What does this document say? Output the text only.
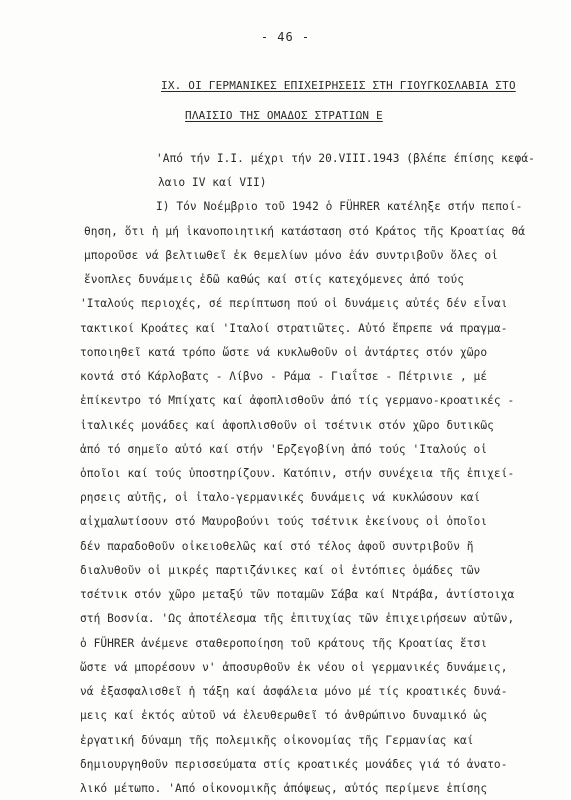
- 46 -
IX. ΟΙ ΓΕΡΜΑΝΙΚΕΣ ΕΠΙΧΕΙΡΗΣΕΙΣ ΣΤΗ ΓΙΟΥΓΚΟΣΛΑΒΙΑ ΣΤΟ
ΠΛΑΙΣΙΟ ΤΗΣ ΟΜΑΔΟΣ ΣΤΡΑΤΙΩΝ Ε
'Από τήν Ι.Ι. μέχρι τήν 20.VIII.1943 (βλέπε έπίσης κεφά-
λαιο IV καί VII)
Ι) Τόν Νοέμβριο τοῦ 1942 ὁ FÜHRER κατέληξε στήν πεποί-
θηση, ὅτι ἡ μή ἱκανοποιητική κατάσταση στό Κράτος τῆς Κροατίας θά
μποροῦσε νά βελτιωθεῖ ἐκ θεμελίων μόνο ἐάν συντριβοῦν ὅλες οἱ
ἔνοπλες δυνάμεις ἐδῶ καθώς καί στίς κατεχόμενες ἀπό τούς
'Ιταλούς περιοχές, σέ περίπτωση πού οἱ δυνάμεις αὐτές δέν εἶναι
τακτικοί Κροάτες καί 'Ιταλοί στρατιῶτες. Αὐτό ἔπρεπε νά πραγμα-
τοποιηθεῖ κατά τρόπο ὥστε νά κυκλωθοῦν οἱ ἀντάρτες στόν χῶρο
κοντά στό Κάρλοβατς - Λίβνο - Ράμα - Γιαΐτσε - Πέτρινιε , μέ
ἐπίκεντρο τό Μπίχατς καί ἀφοπλισθοῦν ἀπό τίς γερμανο-κροατικές -
ἰταλικές μονάδες καί ἀφοπλισθοῦν οἱ τσέτνικ στόν χῶρο δυτικῶς
ἀπό τό σημεῖο αὐτό καί στήν 'Ερζεγοβίνη ἀπό τούς 'Ιταλούς οἱ
ὁποῖοι καί τούς ὑποστηρίζουν. Κατόπιν, στήν συνέχεια τῆς ἐπιχεί-
ρησεις αὐτῆς, οἱ ἰταλο-γερμανικές δυνάμεις νά κυκλώσουν καί
αἰχμαλωτίσουν στό Μαυροβούνι τούς τσέτνικ ἐκείνους οἱ ὁποῖοι
δέν παραδοθοῦν οἰκειοθελῶς καί στό τέλος ἀφοῦ συντριβοῦν ἤ
διαλυθοῦν οἱ μικρές παρτιζάνικες καί οἱ ἐντόπιες ὁμάδες τῶν
τσέτνικ στόν χῶρο μεταξύ τῶν ποταμῶν Σάβα καί Ντράβα, ἀντίστοιχα
στή Βοσνία. 'Ως ἀποτέλεσμα τῆς ἐπιτυχίας τῶν ἐπιχειρήσεων αὐτῶν,
ὁ FÜHRER ἀνέμενε σταθεροποίηση τοῦ κράτους τῆς Κροατίας ἔτσι
ὥστε νά μπορέσουν ν' ἀποσυρθοῦν ἐκ νέου οἱ γερμανικές δυνάμεις,
νά ἐξασφαλισθεῖ ἡ τάξη καί ἀσφάλεια μόνο μέ τίς κροατικές δυνά-
μεις καί ἐκτός αὐτοῦ νά ἐλευθερωθεῖ τό ἀνθρώπινο δυναμικό ὡς
ἐργατική δύναμη τῆς πολεμικῆς οἰκονομίας τῆς Γερμανίας καί
δημιουργηθοῦν περισσεύματα στίς κροατικές μονάδες γιά τό ἀνατο-
λικό μέτωπο. 'Από οἰκονομικῆς ἀπόψεως, αὐτός περίμενε ἐπίσης
